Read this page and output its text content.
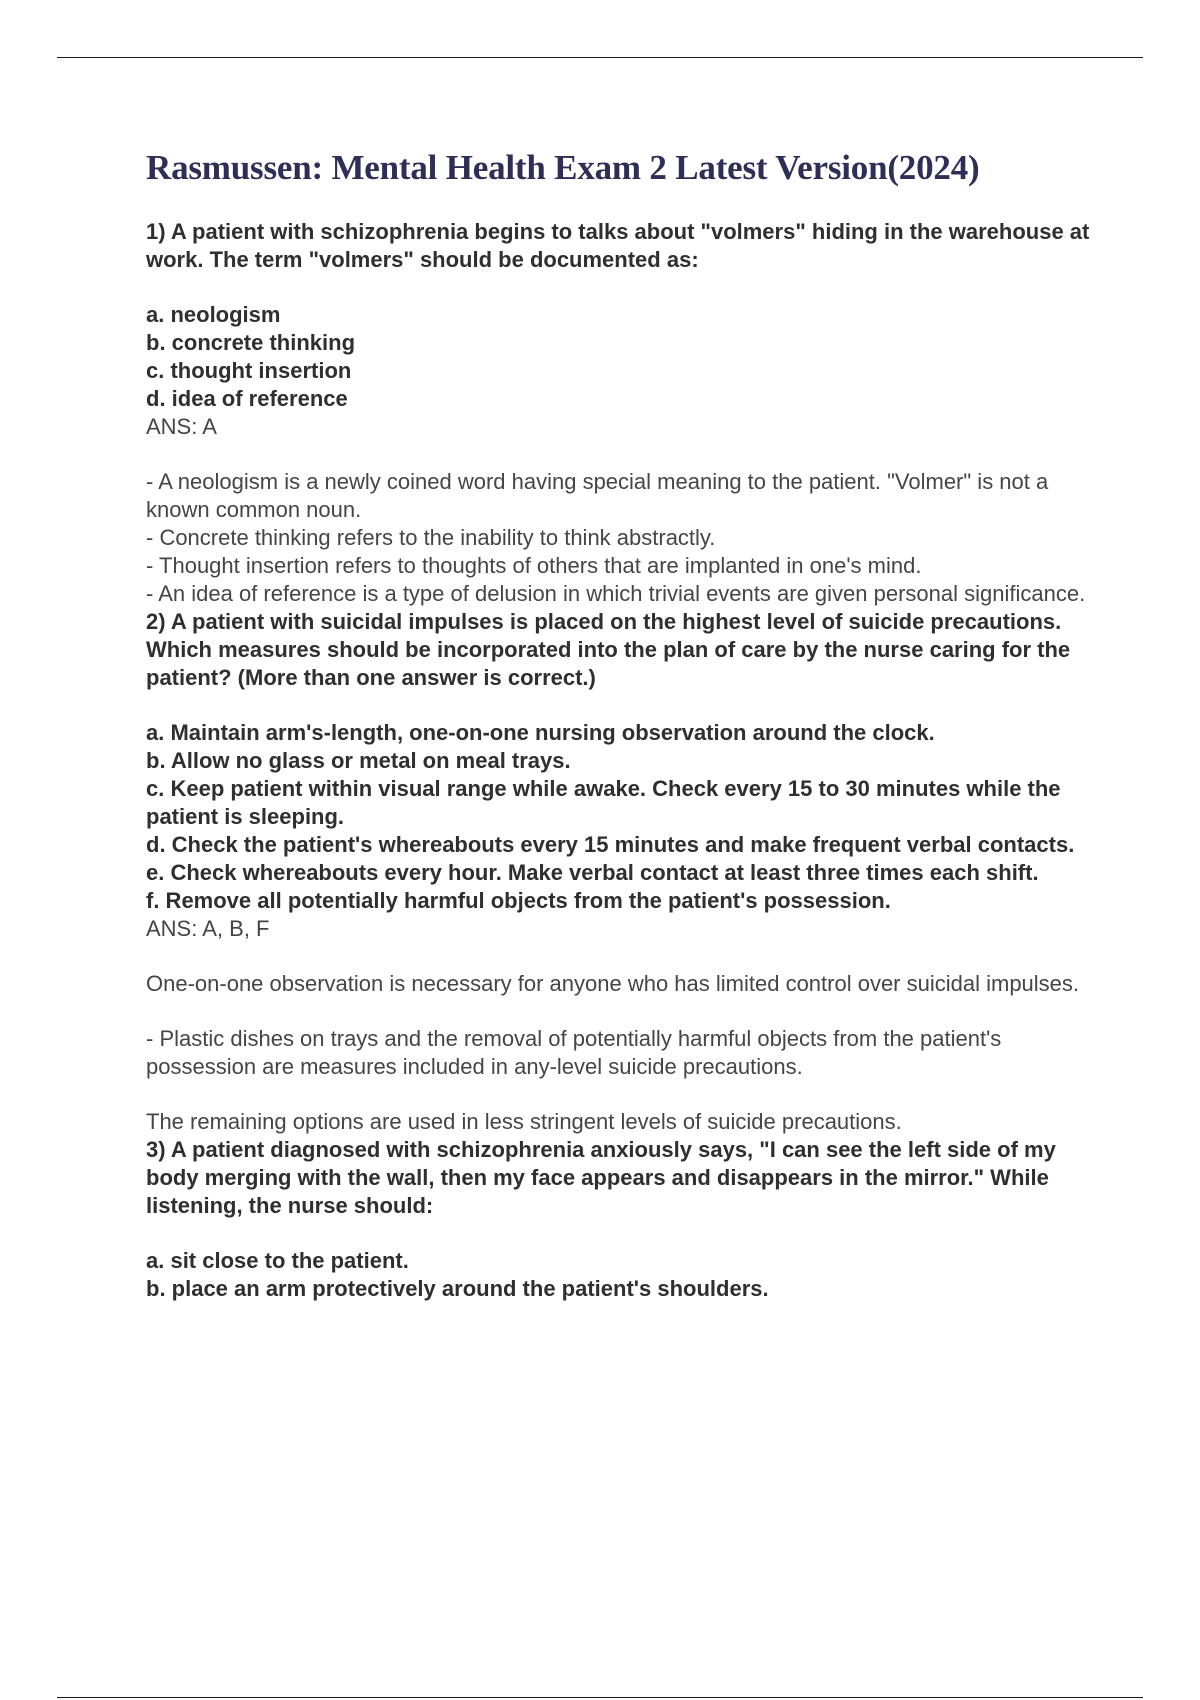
Rasmussen: Mental Health Exam 2 Latest Version(2024)

1) A patient with schizophrenia begins to talks about "volmers" hiding in the warehouse at work. The term "volmers" should be documented as:

a. neologism

b. concrete thinking

c. thought insertion

d. idea of reference

ANS: A

- A neologism is a newly coined word having special meaning to the patient. "Volmer" is not a known common noun.

- Concrete thinking refers to the inability to think abstractly.

- Thought insertion refers to thoughts of others that are implanted in one's mind.

- An idea of reference is a type of delusion in which trivial events are given personal significance.

2) A patient with suicidal impulses is placed on the highest level of suicide precautions. Which measures should be incorporated into the plan of care by the nurse caring for the patient? (More than one answer is correct.)

a. Maintain arm's-length, one-on-one nursing observation around the clock.

b. Allow no glass or metal on meal trays.

c. Keep patient within visual range while awake. Check every 15 to 30 minutes while the patient is sleeping.

d. Check the patient's whereabouts every 15 minutes and make frequent verbal contacts.

e. Check whereabouts every hour. Make verbal contact at least three times each shift.

f. Remove all potentially harmful objects from the patient's possession.

ANS: A, B, F

One-on-one observation is necessary for anyone who has limited control over suicidal impulses.

- Plastic dishes on trays and the removal of potentially harmful objects from the patient's possession are measures included in any-level suicide precautions.

The remaining options are used in less stringent levels of suicide precautions.

3) A patient diagnosed with schizophrenia anxiously says, "I can see the left side of my body merging with the wall, then my face appears and disappears in the mirror." While listening, the nurse should:

a. sit close to the patient.

b. place an arm protectively around the patient's shoulders.
